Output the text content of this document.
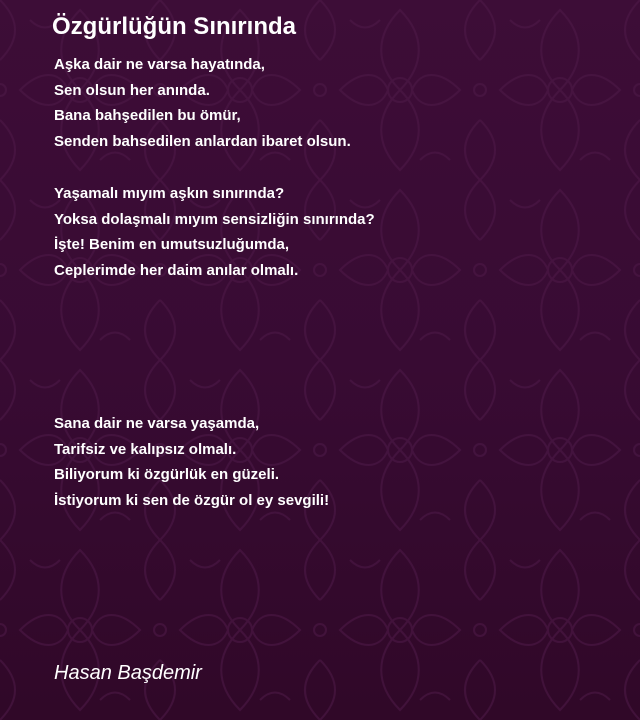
Özgürlüğün Sınırında
Aşka dair ne varsa hayatında,
Sen olsun her anında.
Bana bahşedilen bu ömür,
Senden bahsedilen anlardan ibaret olsun.
Yaşamalı mıyım aşkın sınırında?
Yoksa dolaşmalı mıyım sensizliğin sınırında?
İşte! Benim en umutsuzluğumda,
Ceplerimde her daim anılar olmalı.
Sana dair ne varsa yaşamda,
Tarifsiz ve kalıpsız olmalı.
Biliyorum ki özgürlük en güzeli.
İstiyorum ki sen de özgür ol ey sevgili!
Hasan Başdemir
